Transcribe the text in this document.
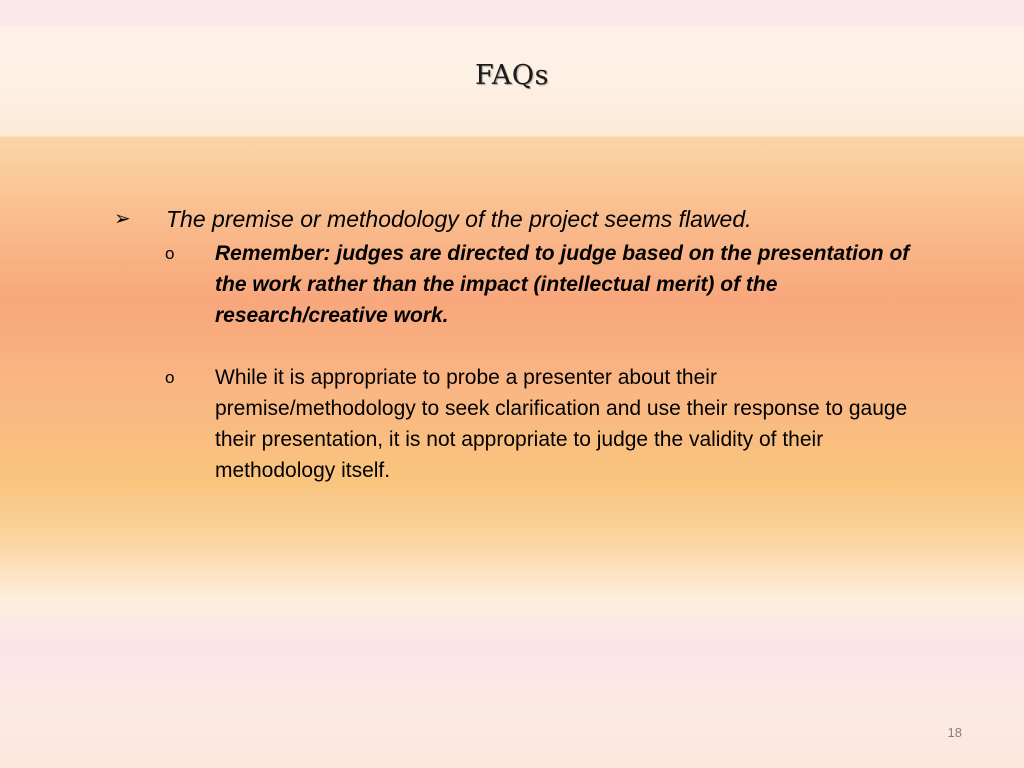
FAQs

➢ The premise or methodology of the project seems flawed.

o Remember: judges are directed to judge based on the presentation of the work rather than the impact (intellectual merit) of the research/creative work.
o While it is appropriate to probe a presenter about their premise/methodology to seek clarification and use their response to gauge their presentation, it is not appropriate to judge the validity of their methodology itself.
18
